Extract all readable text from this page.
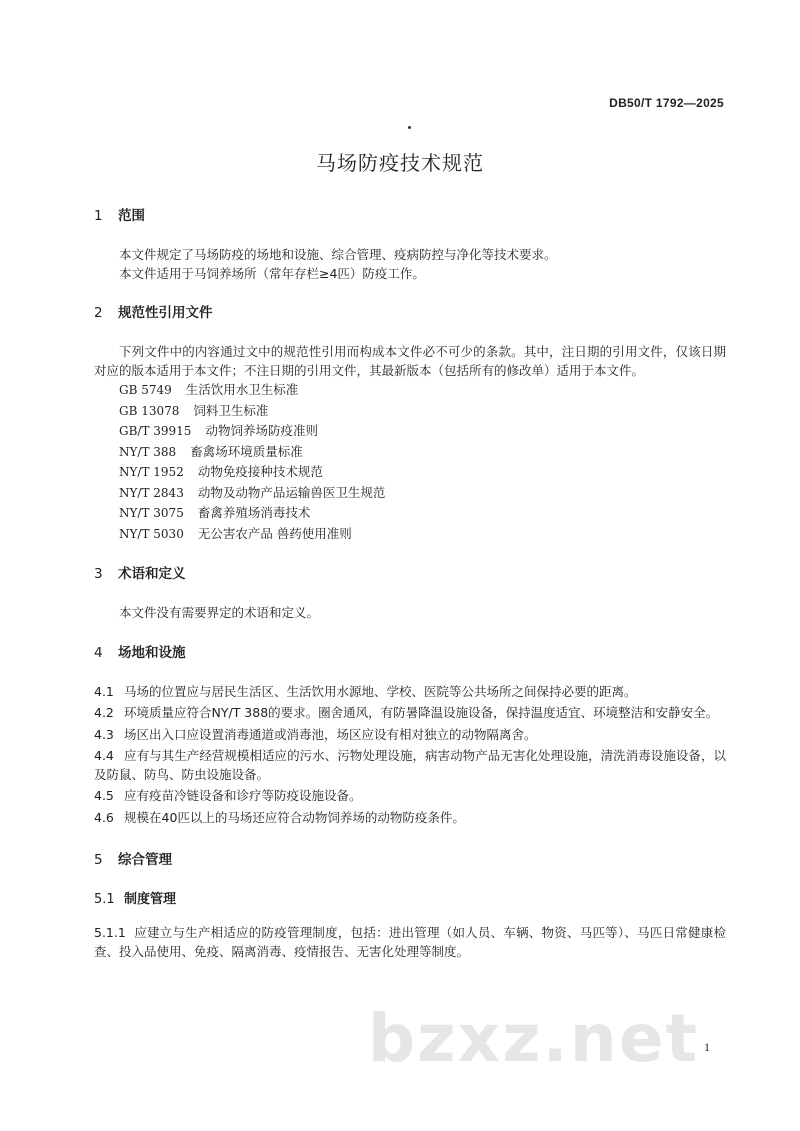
DB50/T 1792—2025
马场防疫技术规范
1 范围

本文件规定了马场防疫的场地和设施、综合管理、疫病防控与净化等技术要求。

本文件适用于马饲养场所（常年存栏≥4匹）防疫工作。

2 规范性引用文件

下列文件中的内容通过文中的规范性引用而构成本文件必不可少的条款。其中，注日期的引用文件，仅该日期对应的版本适用于本文件；不注日期的引用文件，其最新版本（包括所有的修改单）适用于本文件。

GB 5749 生活饮用水卫生标准
GB 13078 饲料卫生标准
GB/T 39915 动物饲养场防疫准则
NY/T 388 畜禽场环境质量标准
NY/T 1952 动物免疫接种技术规范
NY/T 2843 动物及动物产品运输兽医卫生规范
NY/T 3075 畜禽养殖场消毒技术
NY/T 5030 无公害农产品 兽药使用准则
3 术语和定义

本文件没有需要界定的术语和定义。

4 场地和设施

4.1 马场的位置应与居民生活区、生活饮用水源地、学校、医院等公共场所之间保持必要的距离。

4.2 环境质量应符合NY/T 388的要求。圈舍通风，有防暑降温设施设备，保持温度适宜、环境整洁和安静安全。

4.3 场区出入口应设置消毒通道或消毒池，场区应设有相对独立的动物隔离舍。

4.4 应有与其生产经营规模相适应的污水、污物处理设施，病害动物产品无害化处理设施，清洗消毒设施设备，以及防鼠、防鸟、防虫设施设备。

4.5 应有疫苗冷链设备和诊疗等防疫设施设备。

4.6 规模在40匹以上的马场还应符合动物饲养场的动物防疫条件。

5 综合管理
5.1 制度管理

5.1.1 应建立与生产相适应的防疫管理制度，包括：进出管理（如人员、车辆、物资、马匹等）、马匹日常健康检查、投入品使用、免疫、隔离消毒、疫情报告、无害化处理等制度。

bzxz.net 1
